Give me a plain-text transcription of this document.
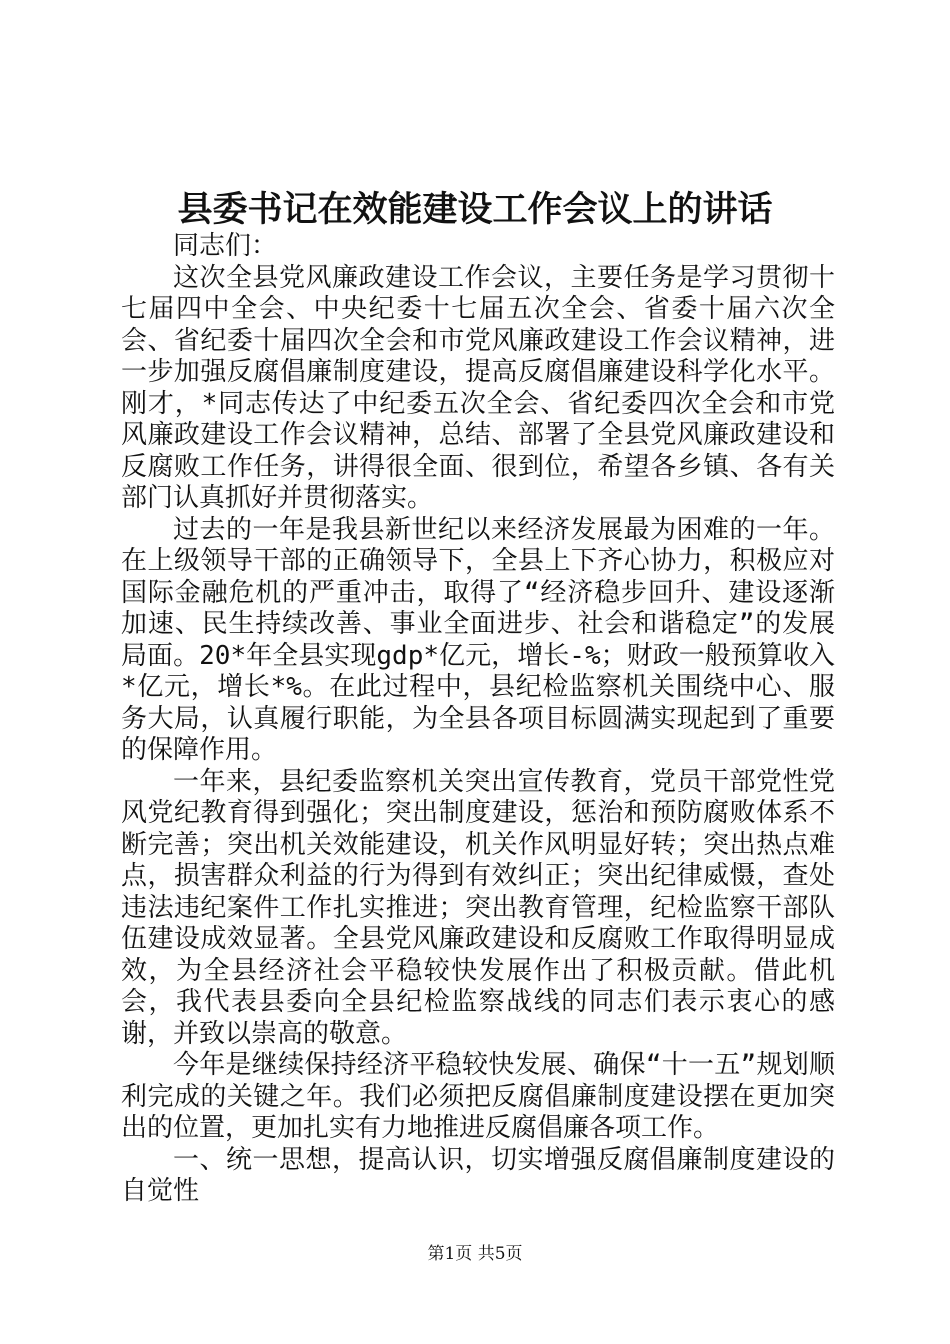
县委书记在效能建设工作会议上的讲话

同志们：

这次全县党风廉政建设工作会议，主要任务是学习贯彻十七届四中全会、中央纪委十七届五次全会、省委十届六次全会、省纪委十届四次全会和市党风廉政建设工作会议精神，进一步加强反腐倡廉制度建设，提高反腐倡廉建设科学化水平。刚才，*同志传达了中纪委五次全会、省纪委四次全会和市党风廉政建设工作会议精神，总结、部署了全县党风廉政建设和反腐败工作任务，讲得很全面、很到位，希望各乡镇、各有关部门认真抓好并贯彻落实。

过去的一年是我县新世纪以来经济发展最为困难的一年。在上级领导干部的正确领导下，全县上下齐心协力，积极应对国际金融危机的严重冲击，取得了“经济稳步回升、建设逐渐加速、民生持续改善、事业全面进步、社会和谐稳定”的发展局面。20*年全县实现gdp*亿元，增长-%；财政一般预算收入*亿元，增长*%。在此过程中，县纪检监察机关围绕中心、服务大局，认真履行职能，为全县各项目标圆满实现起到了重要的保障作用。

一年来，县纪委监察机关突出宣传教育，党员干部党性党风党纪教育得到强化；突出制度建设，惩治和预防腐败体系不断完善；突出机关效能建设，机关作风明显好转；突出热点难点，损害群众利益的行为得到有效纠正；突出纪律威慑，查处违法违纪案件工作扎实推进；突出教育管理，纪检监察干部队伍建设成效显著。全县党风廉政建设和反腐败工作取得明显成效，为全县经济社会平稳较快发展作出了积极贡献。借此机会，我代表县委向全县纪检监察战线的同志们表示衷心的感谢，并致以崇高的敬意。

今年是继续保持经济平稳较快发展、确保“十一五”规划顺利完成的关键之年。我们必须把反腐倡廉制度建设摆在更加突出的位置，更加扎实有力地推进反腐倡廉各项工作。

一、统一思想，提高认识，切实增强反腐倡廉制度建设的自觉性

第1页 共5页
